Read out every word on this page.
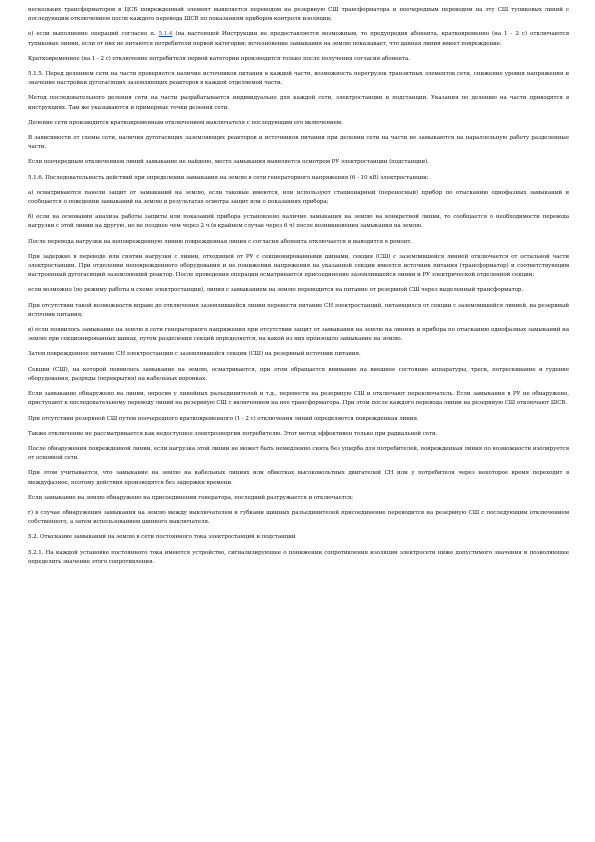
нескольких трансформаторов в ЦСБ поврежденный элемент выявляется переводом на резервную СШ трансформатора и поочередным переводом на эту СШ тупиковых линий с последующим отключением после каждого перевода ШСВ по показаниям приборов контроля изоляции;

е) если выполнение операций согласно п. 5.1.4 (на настоящей Инструкции не предоставляется возможным, то предупредив абонента, кратковременно (на 1 - 2 с) отключаются тупиковые линии, если от них не питаются потребители первой категории; исчезновение замыкания на землю показывает, что данная линия имеет повреждение.

Кратковременное (на 1 - 2 с) отключение потребителя первой категории производится только после получения согласия абонента.

5.1.5. Перед делением сети на части проверяется наличие источников питания в каждой части, возможность перегрузок транзитных элементов сети, снижение уровня напряжения и значение настройки дугогасящих заземляющих реакторов в каждой отделяемой части.

Метод последовательного деления сети на части разрабатывается индивидуально для каждой сети, электростанции и подстанции. Указания по делению на части приводятся в инструкциях. Там же указываются и примерные точки деления сети.

Деление сети производится кратковременным отключением выключателя с последующим его включением.

В зависимости от схемы сети, наличия дугогасящих заземляющих реакторов и источников питания при делении сети на части не замыкаются на параллельную работу разделенные части.

Если поочередным отключением линий замыкание не найдено, место замыкания выявляется осмотром РУ электростанции (подстанции).

5.1.6. Последовательность действий при определении замыкания на землю в сети генераторного напряжения (6 - 10 кВ) электростанции:

а) осматриваются панели защит от замыканий на землю, если таковые имеются, или используют стационарный (переносный) прибор по отысканию однофазных замыканий и сообщается о поведении замыканий на землю и результатах осмотра защит или о показаниях прибора;

б) если на основании анализа работы защиты или показаний прибора установлено наличие замыкания на землю на конкретной линии, то сообщается о необходимости перевода нагрузки с этой линии на другую, но не позднее чем через 2 ч (в крайнем случае через 6 ч) после возникновения замыкания на землю.

После перевода нагрузки на неповрежденную линию поврежденная линия с согласия абонента отключается и выводится в ремонт.

При задержке в переводе или снятии нагрузки с линии, отходящей от РУ с секционированными шинами, секция (СШ) с заземлившейся линией отключается от остальной части электростанции. При отделении неповрежденного оборудования и не понижении напряжения на указанной секции имеется источник питания (трансформатор) и соответствующим настроенный дугогасящий заземляющий реактор. После проведения операции осматривается присоединение заземлившейся линии и РУ электрической отделенной секции;

если возможно (по режиму работы и схеме электростанции), линия с замыканием на землю переводится на питание от резервной СШ через выделенный трансформатор.

При отсутствии такой возможности вправе до отключения заземлившейся линии перевести питание СН электростанций, питающихся от секции с заземлившейся линией, на резервный источник питания;

в) если появилось замыкание на землю в сети генераторного напряжения при отсутствии защит от замыкания на землю на линиях и прибора по отысканию однофазных замыканий на землю при секционированных шинах, путем разделения секций определяется, на какой из них произошло замыкание на землю.

Затем поврежденное питание СН электростанции с заземлившейся секции (СШ) на резервный источник питания.

Секции (СШ), на которой появилось замыкание на землю, осматривается, при этом обращается внимание на внешнее состояние аппаратуры, треск, потрескивание и гудение оборудования, разряды (перекрытия) на кабельных воронках.

Если замыкание обнаружено на линии, опросив у линейных разъединителей и т.д., перевести на резервную СШ и отключают переключатель. Если замыкания в РУ не обнаружено, приступают к последовательному переводу линий на резервную СШ с включением на нее трансформатора. При этом после каждого перевода линии на резервную СШ отключают ШСВ.

При отсутствии резервной СШ путем поочередного кратковременного (1 - 2 с) отключения линий определяется поврежденная линия.

Также отключение не рассматривается как недоступное электроэнергии потребителю. Этот метод эффективен только при радиальной сети.

После обнаружения поврежденной линии, если нагрузка этой линии не может быть немедленно снята без ущерба для потребителей, поврежденная линия по возможности изолируется от основной сети.

При этом учитывается, что замыкание на землю на кабельных линиях или обмотках высоковольтных двигателей СН или у потребителя через некоторое время переходит в междуфазное, поэтому действия производятся без задержки времени.

Если замыкание на землю обнаружено на присоединении генератора, последний разгружается и отключается;

г) в случае обнаружения замыкания на землю между выключателем и губками шинных разъединителей присоединение переводится на резервную СШ с последующим отключением собственного, а затем использованием шинного выключателя.

5.2. Отыскание замыканий на землю в сети постоянного тока электростанций и подстанций

5.2.1. На каждой установке постоянного тока имеются устройство, сигнализирующее о понижении сопротивления изоляции электросети ниже допустимого значения и позволяющее определить значение этого сопротивления.
